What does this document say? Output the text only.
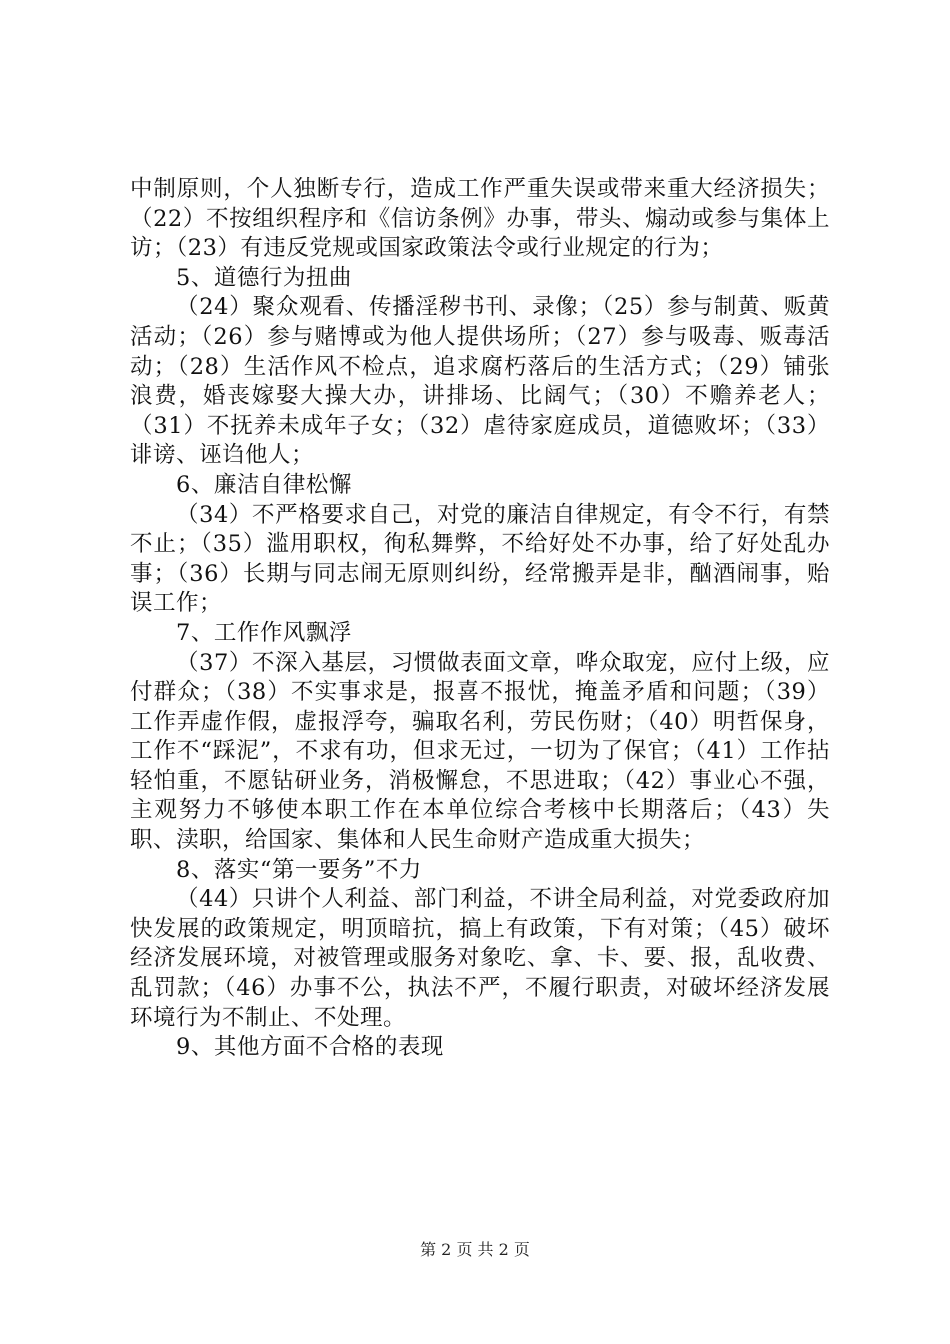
中制原则，个人独断专行，造成工作严重失误或带来重大经济损失；（22）不按组织程序和《信访条例》办事，带头、煽动或参与集体上访；（23）有违反党规或国家政策法令或行业规定的行为；

5、道德行为扭曲

（24）聚众观看、传播淫秽书刊、录像；（25）参与制黄、贩黄活动；（26）参与赌博或为他人提供场所；（27）参与吸毒、贩毒活动；（28）生活作风不检点，追求腐朽落后的生活方式；（29）铺张浪费，婚丧嫁娶大操大办，讲排场、比阔气；（30）不赡养老人；（31）不抚养未成年子女；（32）虐待家庭成员，道德败坏；（33）诽谤、诬诌他人；

6、廉洁自律松懈

（34）不严格要求自己，对党的廉洁自律规定，有令不行，有禁不止；（35）滥用职权，徇私舞弊，不给好处不办事，给了好处乱办事；（36）长期与同志闹无原则纠纷，经常搬弄是非，酗酒闹事，贻误工作；

7、工作作风飘浮

（37）不深入基层，习惯做表面文章，哗众取宠，应付上级，应付群众；（38）不实事求是，报喜不报忧，掩盖矛盾和问题；（39）工作弄虚作假，虚报浮夸，骗取名利，劳民伤财；（40）明哲保身，工作不“踩泥”，不求有功，但求无过，一切为了保官；（41）工作拈轻怕重，不愿钻研业务，消极懈怠，不思进取；（42）事业心不强，主观努力不够使本职工作在本单位综合考核中长期落后；（43）失职、渎职，给国家、集体和人民生命财产造成重大损失；

8、落实“第一要务”不力

（44）只讲个人利益、部门利益，不讲全局利益，对党委政府加快发展的政策规定，明顶暗抗，搞上有政策，下有对策；（45）破坏经济发展环境，对被管理或服务对象吃、拿、卡、要、报，乱收费、乱罚款；（46）办事不公，执法不严，不履行职责，对破坏经济发展环境行为不制止、不处理。

9、其他方面不合格的表现

第 2 页 共 2 页
